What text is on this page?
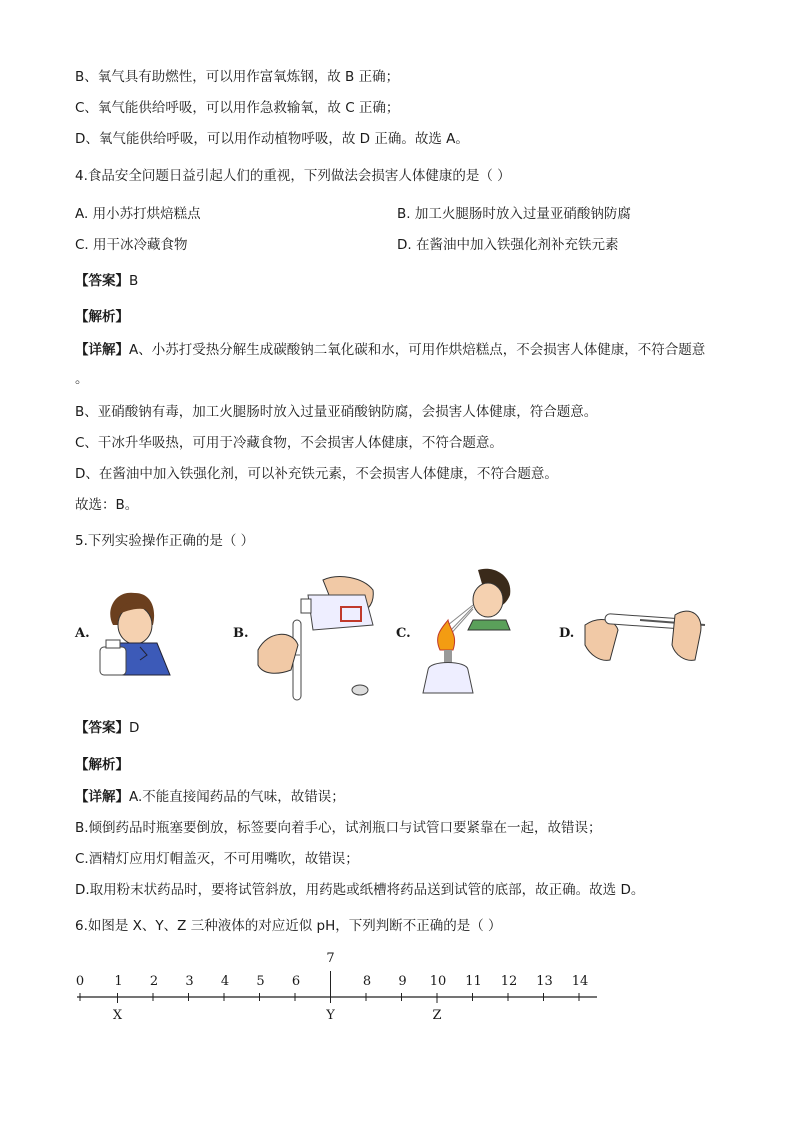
B、氧气具有助燃性，可以用作富氧炼钢，故 B 正确；
C、氧气能供给呼吸，可以用作急救输氧，故 C 正确；
D、氧气能供给呼吸，可以用作动植物呼吸，故 D 正确。故选 A。
4.食品安全问题日益引起人们的重视，下列做法会损害人体健康的是（ ）
A. 用小苏打烘焙糕点	B. 加工火腿肠时放入过量亚硝酸钠防腐
C. 用干冰冷藏食物	D. 在酱油中加入铁强化剂补充铁元素
【答案】B
【解析】
【详解】A、小苏打受热分解生成碳酸钠二氧化碳和水，可用作烘焙糕点，不会损害人体健康，不符合题意
。
B、亚硝酸钠有毒，加工火腿肠时放入过量亚硝酸钠防腐，会损害人体健康，符合题意。
C、干冰升华吸热，可用于冷藏食物，不会损害人体健康，不符合题意。
D、在酱油中加入铁强化剂，可以补充铁元素，不会损害人体健康，不符合题意。
故选：B。
5.下列实验操作正确的是（ ）
A.	B.	C.	D.
【答案】D
【解析】
【详解】A.不能直接闻药品的气味，故错误；
B.倾倒药品时瓶塞要倒放，标签要向着手心，试剂瓶口与试管口要紧靠在一起，故错误；
C.酒精灯应用灯帽盖灭，不可用嘴吹，故错误；
D.取用粉末状药品时，要将试管斜放，用药匙或纸槽将药品送到试管的底部，故正确。故选 D。
6.如图是 X、Y、Z 三种液体的对应近似 pH，下列判断不正确的是（ ）
0 1 2 3 4 5 6
7
8 9 10 11 12 13 14
X	Y	Z
